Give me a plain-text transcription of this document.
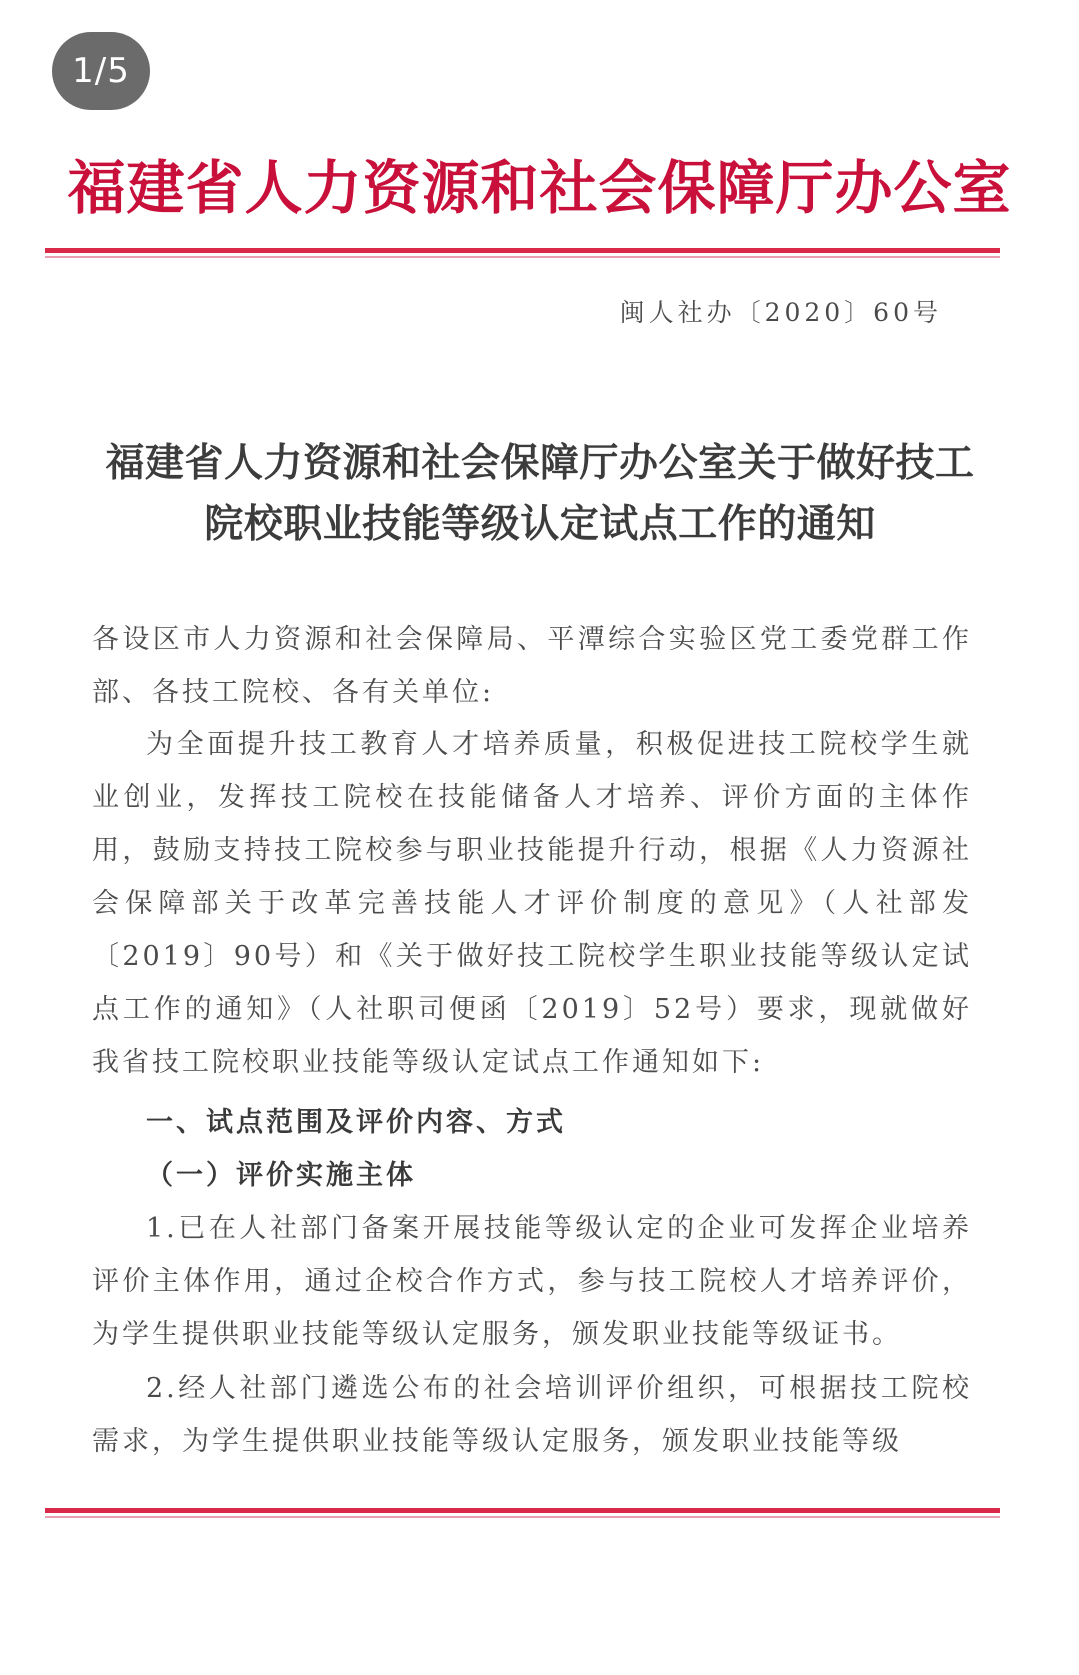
1/5
福建省人力资源和社会保障厅办公室
闽人社办〔2020〕60号
福建省人力资源和社会保障厅办公室关于做好技工院校职业技能等级认定试点工作的通知

各设区市人力资源和社会保障局、平潭综合实验区党工委党群工作部、各技工院校、各有关单位:

为全面提升技工教育人才培养质量，积极促进技工院校学生就业创业，发挥技工院校在技能储备人才培养、评价方面的主体作用，鼓励支持技工院校参与职业技能提升行动，根据《人力资源社会保障部关于改革完善技能人才评价制度的意见》（人社部发〔2019〕90号）和《关于做好技工院校学生职业技能等级认定试点工作的通知》（人社职司便函〔2019〕52号）要求，现就做好我省技工院校职业技能等级认定试点工作通知如下:

一、试点范围及评价内容、方式

（一）评价实施主体

1.已在人社部门备案开展技能等级认定的企业可发挥企业培养评价主体作用，通过企校合作方式，参与技工院校人才培养评价，为学生提供职业技能等级认定服务，颁发职业技能等级证书。

2.经人社部门遴选公布的社会培训评价组织，可根据技工院校需求，为学生提供职业技能等级认定服务，颁发职业技能等级
